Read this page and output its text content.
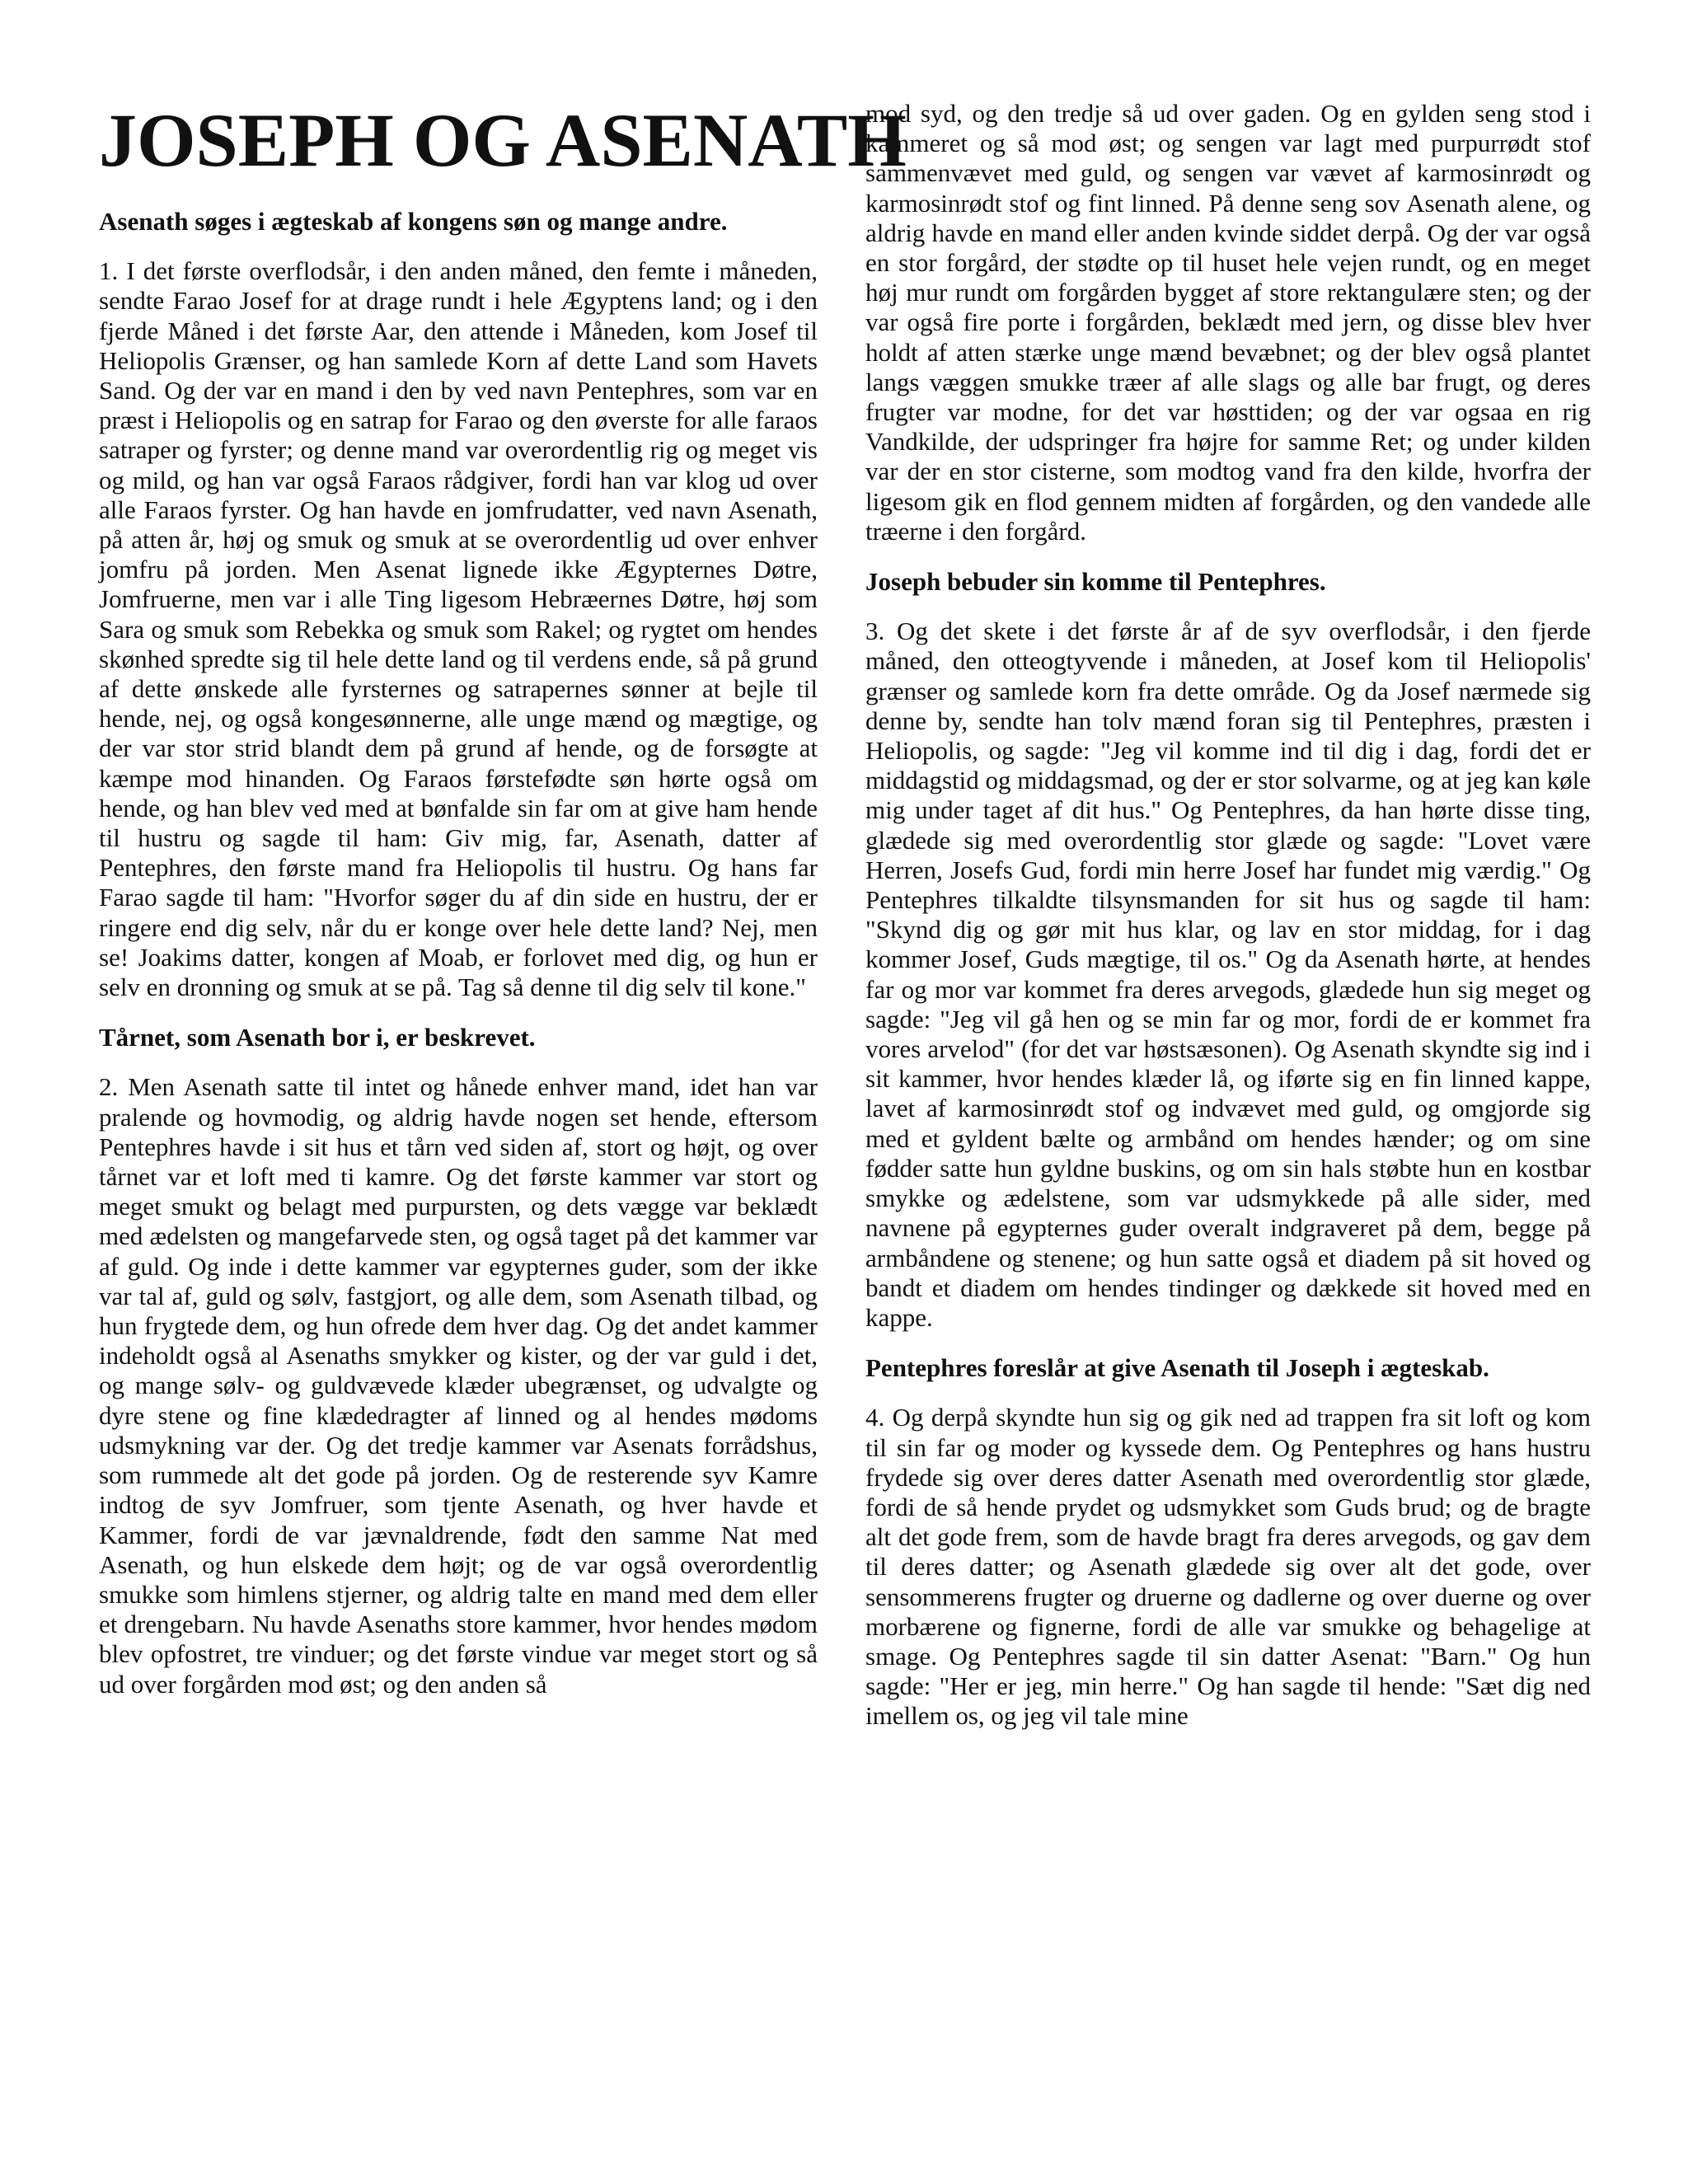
JOSEPH OG ASENATH
Asenath søges i ægteskab af kongens søn og mange andre.

1. I det første overflodsår, i den anden måned, den femte i måneden, sendte Farao Josef for at drage rundt i hele Ægyptens land; og i den fjerde Måned i det første Aar, den attende i Måneden, kom Josef til Heliopolis Grænser, og han samlede Korn af dette Land som Havets Sand. Og der var en mand i den by ved navn Pentephres, som var en præst i Heliopolis og en satrap for Farao og den øverste for alle faraos satraper og fyrster; og denne mand var overordentlig rig og meget vis og mild, og han var også Faraos rådgiver, fordi han var klog ud over alle Faraos fyrster. Og han havde en jomfrudatter, ved navn Asenath, på atten år, høj og smuk og smuk at se overordentlig ud over enhver jomfru på jorden. Men Asenat lignede ikke Ægypternes Døtre, Jomfruerne, men var i alle Ting ligesom Hebræernes Døtre, høj som Sara og smuk som Rebekka og smuk som Rakel; og rygtet om hendes skønhed spredte sig til hele dette land og til verdens ende, så på grund af dette ønskede alle fyrsternes og satrapernes sønner at bejle til hende, nej, og også kongesønnerne, alle unge mænd og mægtige, og der var stor strid blandt dem på grund af hende, og de forsøgte at kæmpe mod hinanden. Og Faraos førstefødte søn hørte også om hende, og han blev ved med at bønfalde sin far om at give ham hende til hustru og sagde til ham: Giv mig, far, Asenath, datter af Pentephres, den første mand fra Heliopolis til hustru. Og hans far Farao sagde til ham: "Hvorfor søger du af din side en hustru, der er ringere end dig selv, når du er konge over hele dette land? Nej, men se! Joakims datter, kongen af Moab, er forlovet med dig, og hun er selv en dronning og smuk at se på. Tag så denne til dig selv til kone."

Tårnet, som Asenath bor i, er beskrevet.

2. Men Asenath satte til intet og hånede enhver mand, idet han var pralende og hovmodig, og aldrig havde nogen set hende, eftersom Pentephres havde i sit hus et tårn ved siden af, stort og højt, og over tårnet var et loft med ti kamre. Og det første kammer var stort og meget smukt og belagt med purpursten, og dets vægge var beklædt med ædelsten og mangefarvede sten, og også taget på det kammer var af guld. Og inde i dette kammer var egypternes guder, som der ikke var tal af, guld og sølv, fastgjort, og alle dem, som Asenath tilbad, og hun frygtede dem, og hun ofrede dem hver dag. Og det andet kammer indeholdt også al Asenaths smykker og kister, og der var guld i det, og mange sølv- og guldvævede klæder ubegrænset, og udvalgte og dyre stene og fine klædedragter af linned og al hendes mødoms udsmykning var der. Og det tredje kammer var Asenats forrådshus, som rummede alt det gode på jorden. Og de resterende syv Kamre indtog de syv Jomfruer, som tjente Asenath, og hver havde et Kammer, fordi de var jævnaldrende, født den samme Nat med Asenath, og hun elskede dem højt; og de var også overordentlig smukke som himlens stjerner, og aldrig talte en mand med dem eller et drengebarn. Nu havde Asenaths store kammer, hvor hendes mødom blev opfostret, tre vinduer; og det første vindue var meget stort og så ud over forgården mod øst; og den anden så

mod syd, og den tredje så ud over gaden. Og en gylden seng stod i kammeret og så mod øst; og sengen var lagt med purpurrødt stof sammenvævet med guld, og sengen var vævet af karmosinrødt og karmosinrødt stof og fint linned. På denne seng sov Asenath alene, og aldrig havde en mand eller anden kvinde siddet derpå. Og der var også en stor forgård, der stødte op til huset hele vejen rundt, og en meget høj mur rundt om forgården bygget af store rektangulære sten; og der var også fire porte i forgården, beklædt med jern, og disse blev hver holdt af atten stærke unge mænd bevæbnet; og der blev også plantet langs væggen smukke træer af alle slags og alle bar frugt, og deres frugter var modne, for det var høsttiden; og der var ogsaa en rig Vandkilde, der udspringer fra højre for samme Ret; og under kilden var der en stor cisterne, som modtog vand fra den kilde, hvorfra der ligesom gik en flod gennem midten af forgården, og den vandede alle træerne i den forgård.

Joseph bebuder sin komme til Pentephres.

3. Og det skete i det første år af de syv overflodsår, i den fjerde måned, den otteogtyvende i måneden, at Josef kom til Heliopolis' grænser og samlede korn fra dette område. Og da Josef nærmede sig denne by, sendte han tolv mænd foran sig til Pentephres, præsten i Heliopolis, og sagde: "Jeg vil komme ind til dig i dag, fordi det er middagstid og middagsmad, og der er stor solvarme, og at jeg kan køle mig under taget af dit hus." Og Pentephres, da han hørte disse ting, glædede sig med overordentlig stor glæde og sagde: "Lovet være Herren, Josefs Gud, fordi min herre Josef har fundet mig værdig." Og Pentephres tilkaldte tilsynsmanden for sit hus og sagde til ham: "Skynd dig og gør mit hus klar, og lav en stor middag, for i dag kommer Josef, Guds mægtige, til os." Og da Asenath hørte, at hendes far og mor var kommet fra deres arvegods, glædede hun sig meget og sagde: "Jeg vil gå hen og se min far og mor, fordi de er kommet fra vores arvelod" (for det var høstsæsonen). Og Asenath skyndte sig ind i sit kammer, hvor hendes klæder lå, og iførte sig en fin linned kappe, lavet af karmosinrødt stof og indvævet med guld, og omgjorde sig med et gyldent bælte og armbånd om hendes hænder; og om sine fødder satte hun gyldne buskins, og om sin hals støbte hun en kostbar smykke og ædelstene, som var udsmykkede på alle sider, med navnene på egypternes guder overalt indgraveret på dem, begge på armbåndene og stenene; og hun satte også et diadem på sit hoved og bandt et diadem om hendes tindinger og dækkede sit hoved med en kappe.

Pentephres foreslår at give Asenath til Joseph i ægteskab.

4. Og derpå skyndte hun sig og gik ned ad trappen fra sit loft og kom til sin far og moder og kyssede dem. Og Pentephres og hans hustru frydede sig over deres datter Asenath med overordentlig stor glæde, fordi de så hende prydet og udsmykket som Guds brud; og de bragte alt det gode frem, som de havde bragt fra deres arvegods, og gav dem til deres datter; og Asenath glædede sig over alt det gode, over sensommerens frugter og druerne og dadlerne og over duerne og over morbærene og fignerne, fordi de alle var smukke og behagelige at smage. Og Pentephres sagde til sin datter Asenat: "Barn." Og hun sagde: "Her er jeg, min herre." Og han sagde til hende: "Sæt dig ned imellem os, og jeg vil tale mine
